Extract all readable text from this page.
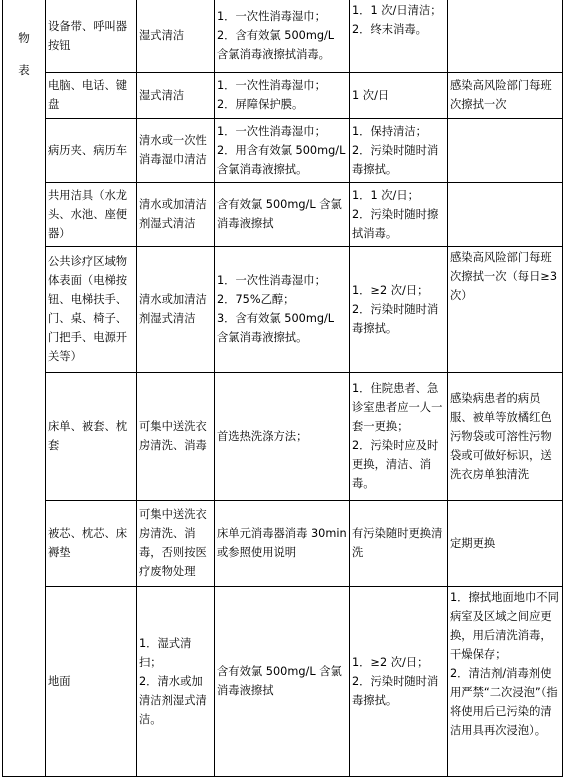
物
表	设备带、呼叫器按钮	湿式清洁	1．一次性消毒湿巾；
2．含有效氯 500mg/L 含氯消毒液擦拭消毒。	1．1 次/日清洁；
2．终末消毒。	

	电脑、电话、键盘	湿式清洁	1．一次性消毒湿巾；
2．屏障保护膜。	1 次/日	感染高风险部门每班次擦拭一次
	病历夹、病历车	清水或一次性消毒湿巾清洁	1．一次性消毒湿巾；
2．用含有效氯 500mg/L 含氯消毒液擦拭。	1．保持清洁；
2．污染时随时消毒擦拭。	

	共用洁具（水龙头、水池、座便器）	清水或加清洁剂湿式清洁	含有效氯 500mg/L 含氯消毒液擦拭	1．1 次/日；
2．污染时随时擦拭消毒。	

	公共诊疗区域物体表面（电梯按钮、电梯扶手、门、桌、椅子、门把手、电源开关等）	清水或加清洁剂湿式清洁	1．一次性消毒湿巾；
2．75%乙醇；
3．含有效氯 500mg/L 含氯消毒液擦拭。	1．≥2 次/日；
2．污染时随时消毒擦拭。	感染高风险部门每班次擦拭一次（每日≥3次）
	床单、被套、枕套	可集中送洗衣房清洗、消毒	首选热洗涤方法；	1．住院患者、急诊室患者应一人一套一更换；
2．污染时应及时更换，清洁、消毒。	感染病患者的病员服、被单等放橘红色污物袋或可溶性污物袋或可做好标识，送洗衣房单独清洗
	被芯、枕芯、床褥垫	可集中送洗衣房清洗、消毒，否则按医疗废物处理	床单元消毒器消毒 30min或参照使用说明	有污染随时更换清洗	定期更换
	地面	1．湿式清扫；
2．清水或加清洁剂湿式清洁。	含有效氯 500mg/L 含氯消毒液擦拭	1．≥2 次/日；
2．污染时随时消毒擦拭。	1．擦拭地面地巾不同病室及区域之间应更换，用后清洗消毒，干燥保存；
2．清洁剂/消毒剂使用严禁“二次浸泡”（指将使用后已污染的清洁用具再次浸泡）。
